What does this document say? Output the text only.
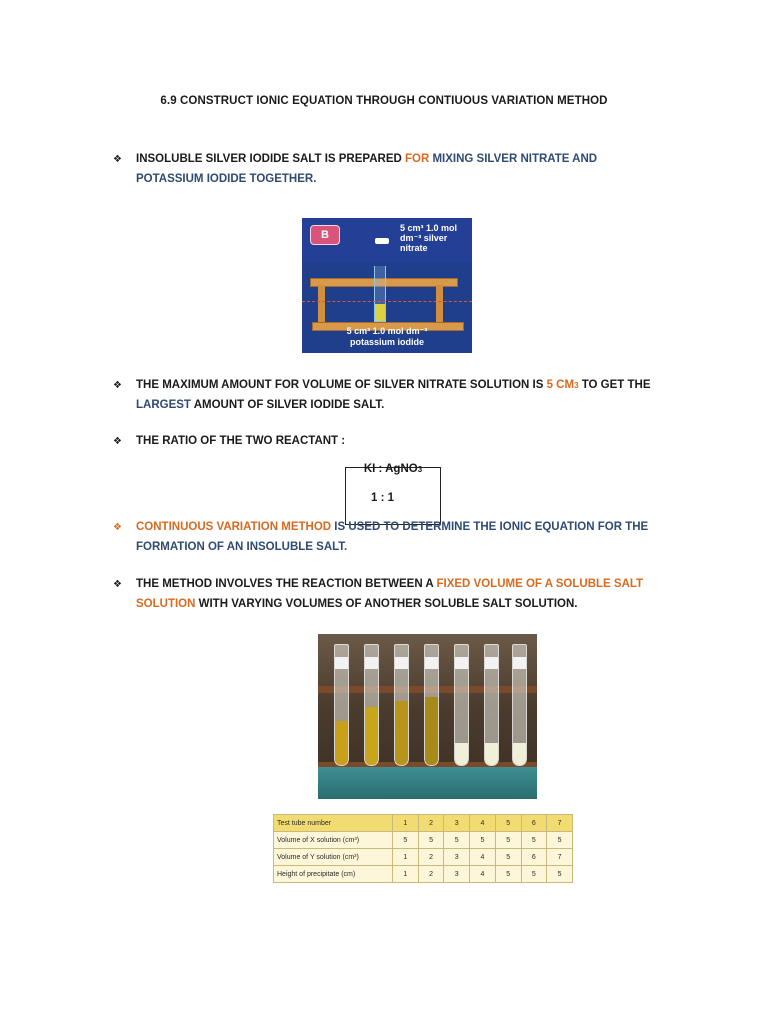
6.9 CONSTRUCT IONIC EQUATION THROUGH CONTIUOUS VARIATION METHOD
❖ INSOLUBLE SILVER IODIDE SALT IS PREPARED FOR MIXING SILVER NITRATE AND POTASSIUM IODIDE TOGETHER.
B
5 cm³ 1.0 mol dm⁻³ silver nitrate
5 cm³ 1.0 mol dm⁻³
potassium iodide
❖ THE MAXIMUM AMOUNT FOR VOLUME OF SILVER NITRATE SOLUTION IS 5 CM3 TO GET THE LARGEST AMOUNT OF SILVER IODIDE SALT.
❖ THE RATIO OF THE TWO REACTANT :
KI : AgNO3
1 : 1
❖ CONTINUOUS VARIATION METHOD IS USED TO DETERMINE THE IONIC EQUATION FOR THE FORMATION OF AN INSOLUBLE SALT.
❖ THE METHOD INVOLVES THE REACTION BETWEEN A FIXED VOLUME OF A SOLUBLE SALT SOLUTION WITH VARYING VOLUMES OF ANOTHER SOLUBLE SALT SOLUTION.
Test tube number	1	2	3	4	5	6	7
Volume of X solution (cm³)	5	5	5	5	5	5	5
Volume of Y solution (cm³)	1	2	3	4	5	6	7
Height of precipitate (cm)	1	2	3	4	5	5	5
